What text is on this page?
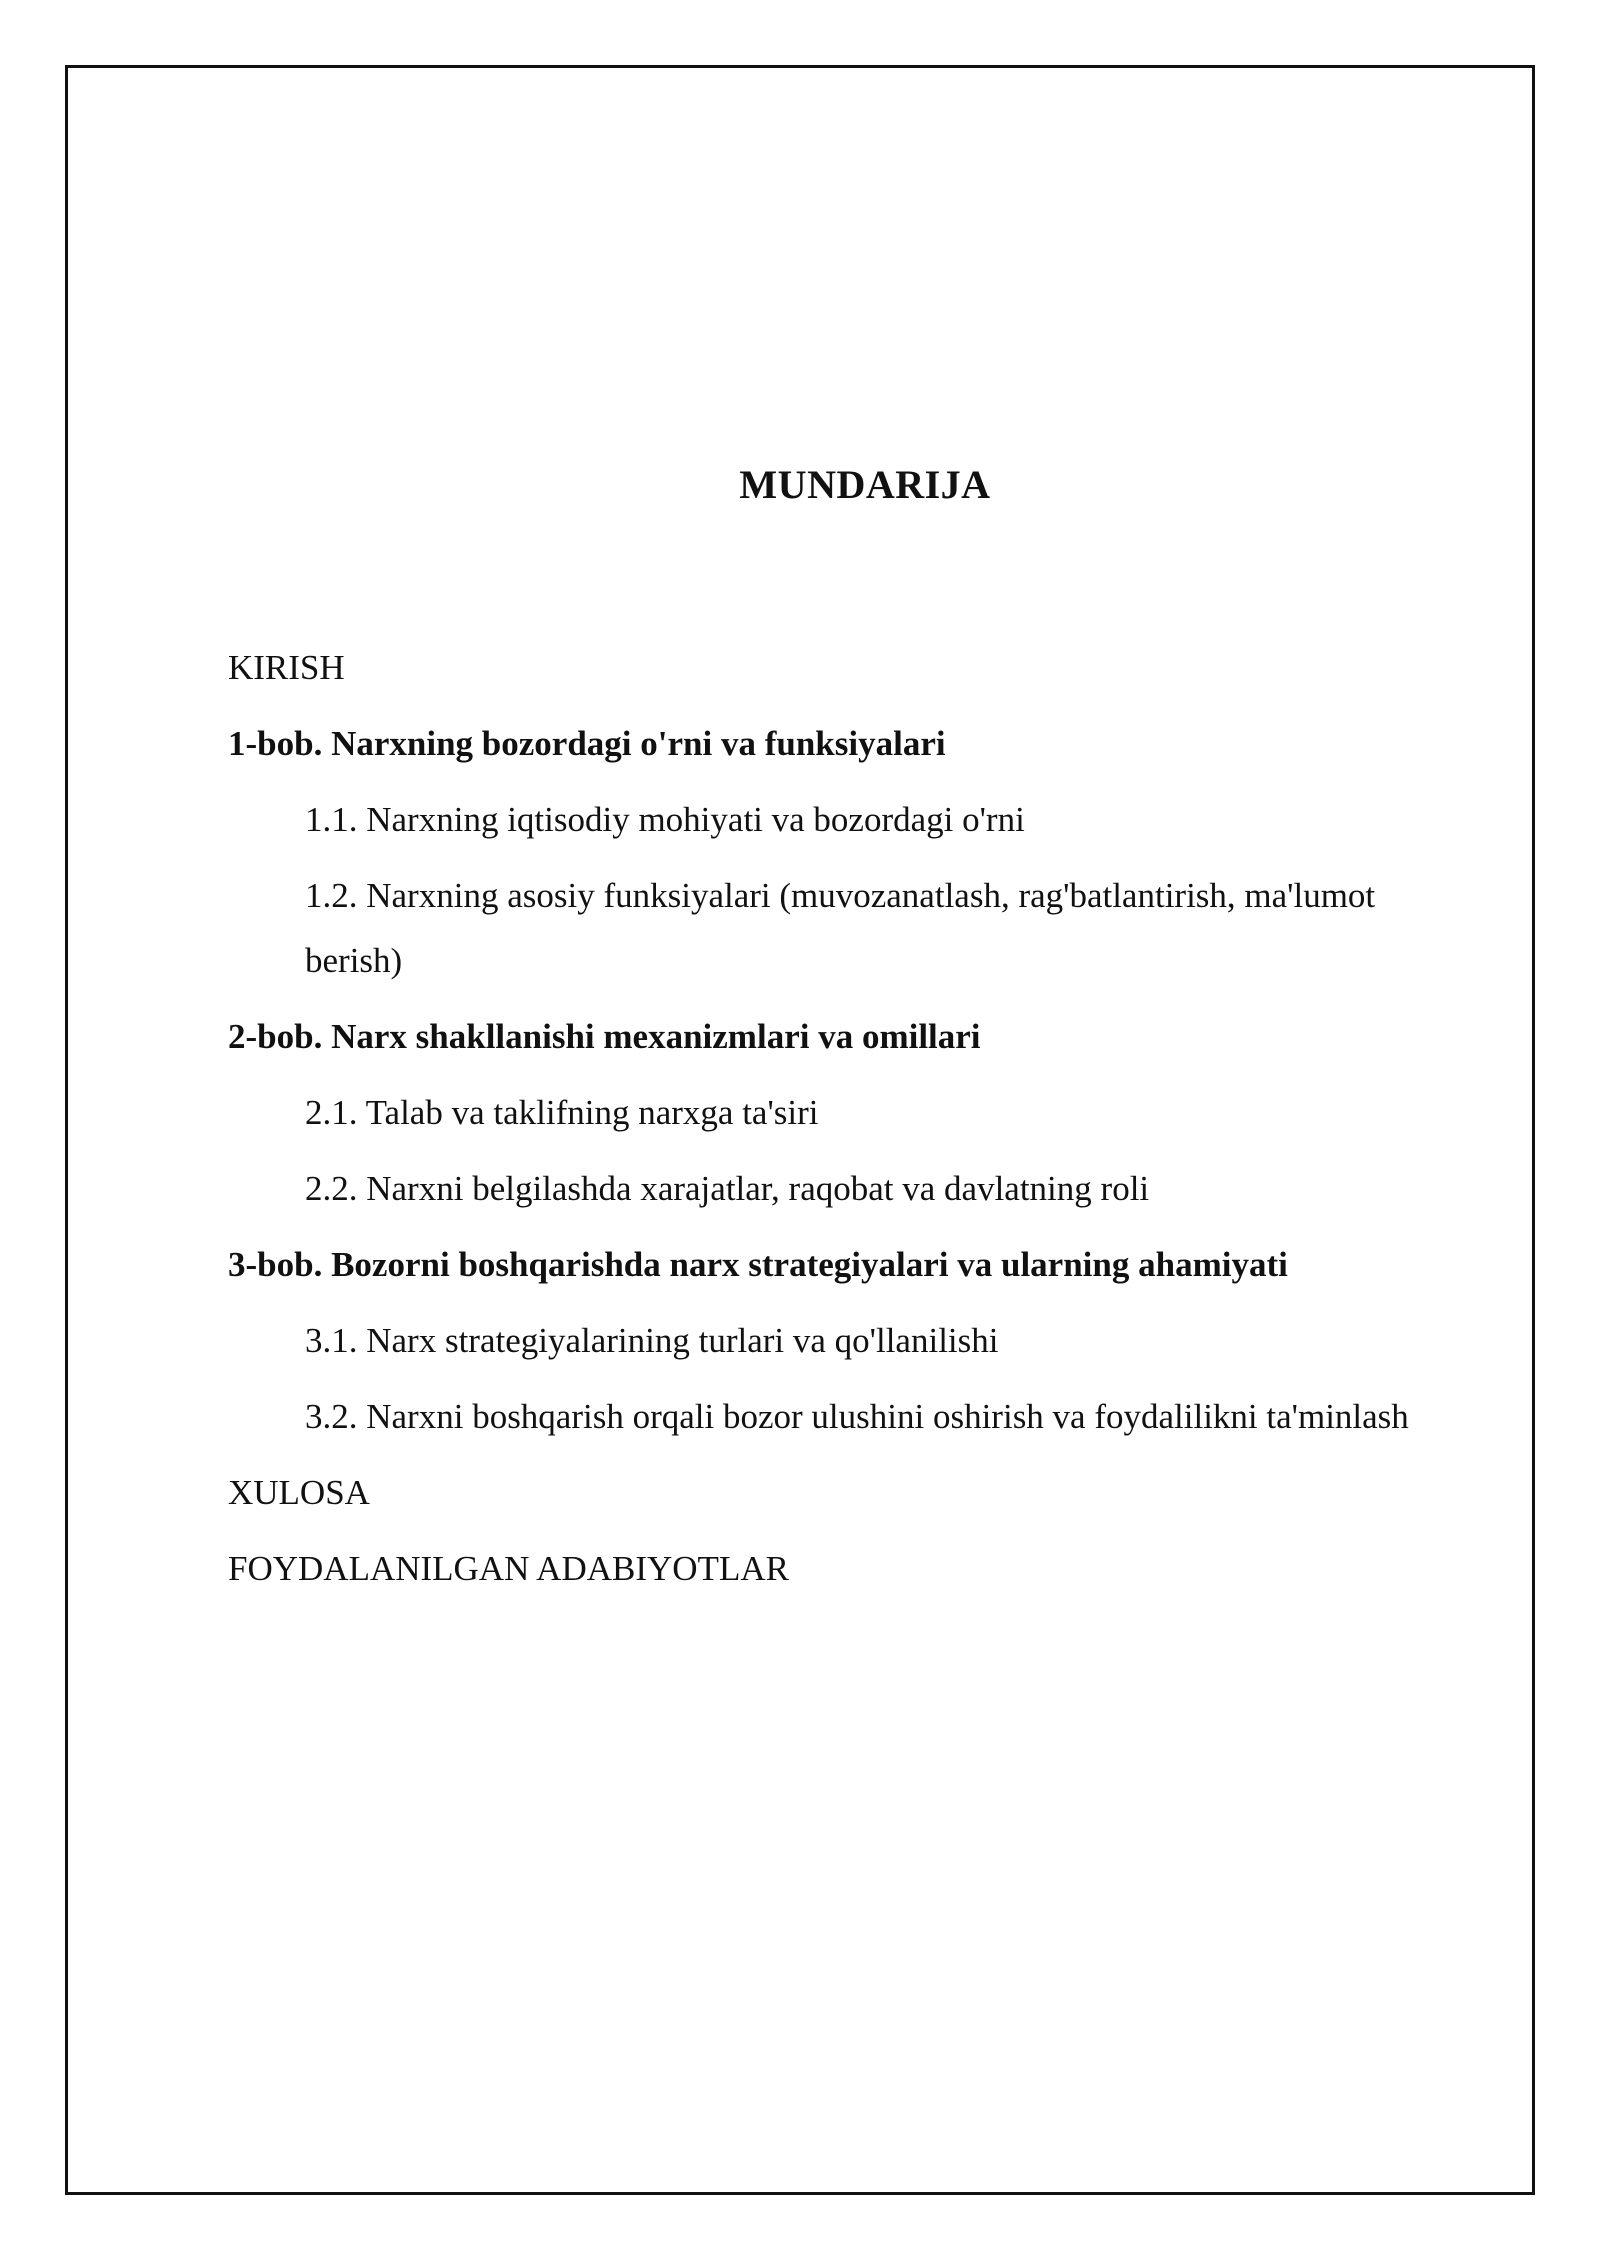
MUNDARIJA
KIRISH
1-bob. Narxning bozordagi o'rni va funksiyalari
1.1. Narxning iqtisodiy mohiyati va bozordagi o'rni
1.2. Narxning asosiy funksiyalari (muvozanatlash, rag'batlantirish, ma'lumot berish)
2-bob. Narx shakllanishi mexanizmlari va omillari
2.1. Talab va taklifning narxga ta'siri
2.2. Narxni belgilashda xarajatlar, raqobat va davlatning roli
3-bob. Bozorni boshqarishda narx strategiyalari va ularning ahamiyati
3.1. Narx strategiyalarining turlari va qo'llanilishi
3.2. Narxni boshqarish orqali bozor ulushini oshirish va foydalilikni ta'minlash
XULOSA
FOYDALANILGAN ADABIYOTLAR
